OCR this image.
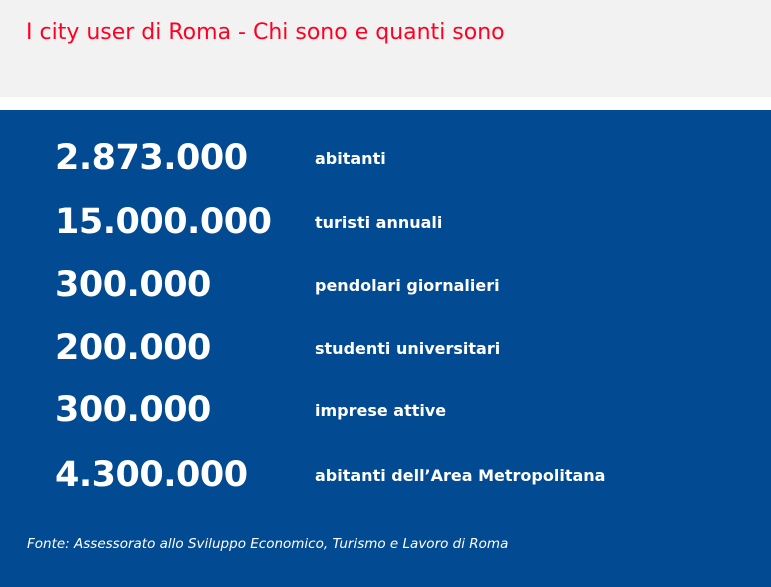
I city user di Roma - Chi sono e quanti sono
2.873.000	abitanti
15.000.000	turisti annuali
300.000	pendolari giornalieri
200.000	studenti universitari
300.000	imprese attive
4.300.000	abitanti dell’Area Metropolitana
Fonte: Assessorato allo Sviluppo Economico, Turismo e Lavoro di Roma
